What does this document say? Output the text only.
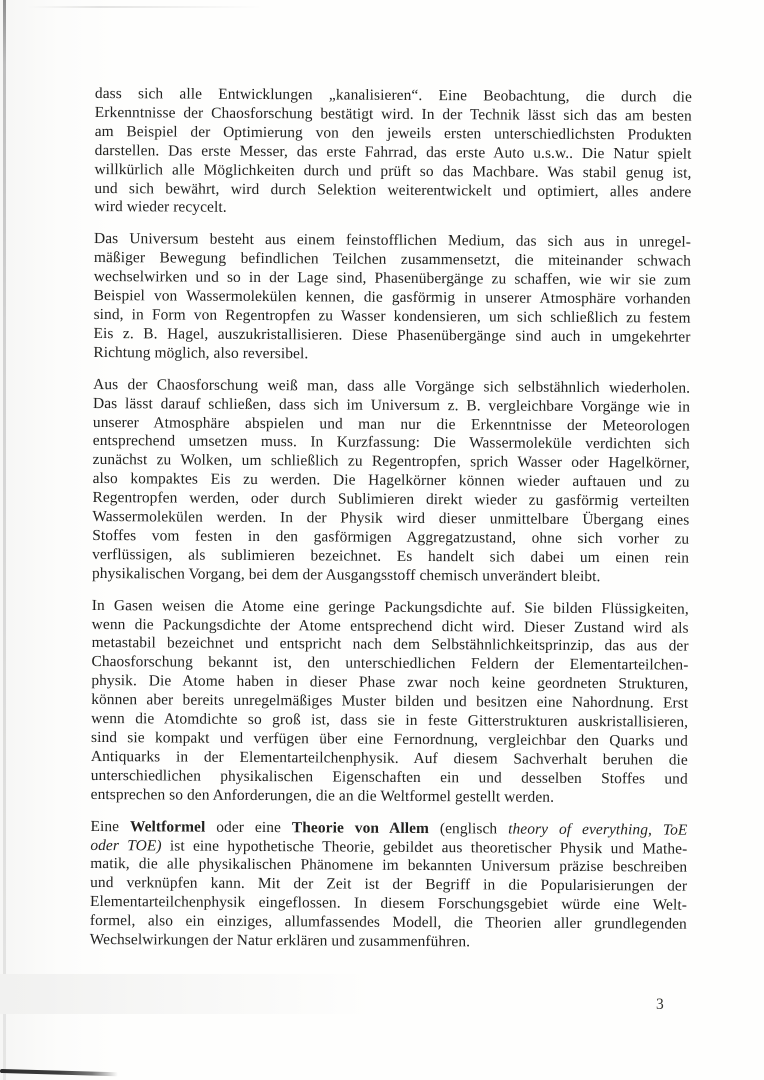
dass sich alle Entwicklungen „kanalisieren“. Eine Beobachtung, die durch die
Erkenntnisse der Chaosforschung bestätigt wird. In der Technik lässt sich das am besten
am Beispiel der Optimierung von den jeweils ersten unterschiedlichsten Produkten
darstellen. Das erste Messer, das erste Fahrrad, das erste Auto u.s.w.. Die Natur spielt
willkürlich alle Möglichkeiten durch und prüft so das Machbare. Was stabil genug ist,
und sich bewährt, wird durch Selektion weiterentwickelt und optimiert, alles andere
wird wieder recycelt.
Das Universum besteht aus einem feinstofflichen Medium, das sich aus in unregel-
mäßiger Bewegung befindlichen Teilchen zusammensetzt, die miteinander schwach
wechselwirken und so in der Lage sind, Phasenübergänge zu schaffen, wie wir sie zum
Beispiel von Wassermolekülen kennen, die gasförmig in unserer Atmosphäre vorhanden
sind, in Form von Regentropfen zu Wasser kondensieren, um sich schließlich zu festem
Eis z. B. Hagel, auszukristallisieren. Diese Phasenübergänge sind auch in umgekehrter
Richtung möglich, also reversibel.
Aus der Chaosforschung weiß man, dass alle Vorgänge sich selbstähnlich wiederholen.
Das lässt darauf schließen, dass sich im Universum z. B. vergleichbare Vorgänge wie in
unserer Atmosphäre abspielen und man nur die Erkenntnisse der Meteorologen
entsprechend umsetzen muss. In Kurzfassung: Die Wassermoleküle verdichten sich
zunächst zu Wolken, um schließlich zu Regentropfen, sprich Wasser oder Hagelkörner,
also kompaktes Eis zu werden. Die Hagelkörner können wieder auftauen und zu
Regentropfen werden, oder durch Sublimieren direkt wieder zu gasförmig verteilten
Wassermolekülen werden. In der Physik wird dieser unmittelbare Übergang eines
Stoffes vom festen in den gasförmigen Aggregatzustand, ohne sich vorher zu
verflüssigen, als sublimieren bezeichnet. Es handelt sich dabei um einen rein
physikalischen Vorgang, bei dem der Ausgangsstoff chemisch unverändert bleibt.
In Gasen weisen die Atome eine geringe Packungsdichte auf. Sie bilden Flüssigkeiten,
wenn die Packungsdichte der Atome entsprechend dicht wird. Dieser Zustand wird als
metastabil bezeichnet und entspricht nach dem Selbstähnlichkeitsprinzip, das aus der
Chaosforschung bekannt ist, den unterschiedlichen Feldern der Elementarteilchen-
physik. Die Atome haben in dieser Phase zwar noch keine geordneten Strukturen,
können aber bereits unregelmäßiges Muster bilden und besitzen eine Nahordnung. Erst
wenn die Atomdichte so groß ist, dass sie in feste Gitterstrukturen auskristallisieren,
sind sie kompakt und verfügen über eine Fernordnung, vergleichbar den Quarks und
Antiquarks in der Elementarteilchenphysik. Auf diesem Sachverhalt beruhen die
unterschiedlichen physikalischen Eigenschaften ein und desselben Stoffes und
entsprechen so den Anforderungen, die an die Weltformel gestellt werden.
Eine Weltformel oder eine Theorie von Allem (englisch theory of everything, ToE
oder TOE) ist eine hypothetische Theorie, gebildet aus theoretischer Physik und Mathe-
matik, die alle physikalischen Phänomene im bekannten Universum präzise beschreiben
und verknüpfen kann. Mit der Zeit ist der Begriff in die Popularisierungen der
Elementarteilchenphysik eingeflossen. In diesem Forschungsgebiet würde eine Welt-
formel, also ein einziges, allumfassendes Modell, die Theorien aller grundlegenden
Wechselwirkungen der Natur erklären und zusammenführen.
3
